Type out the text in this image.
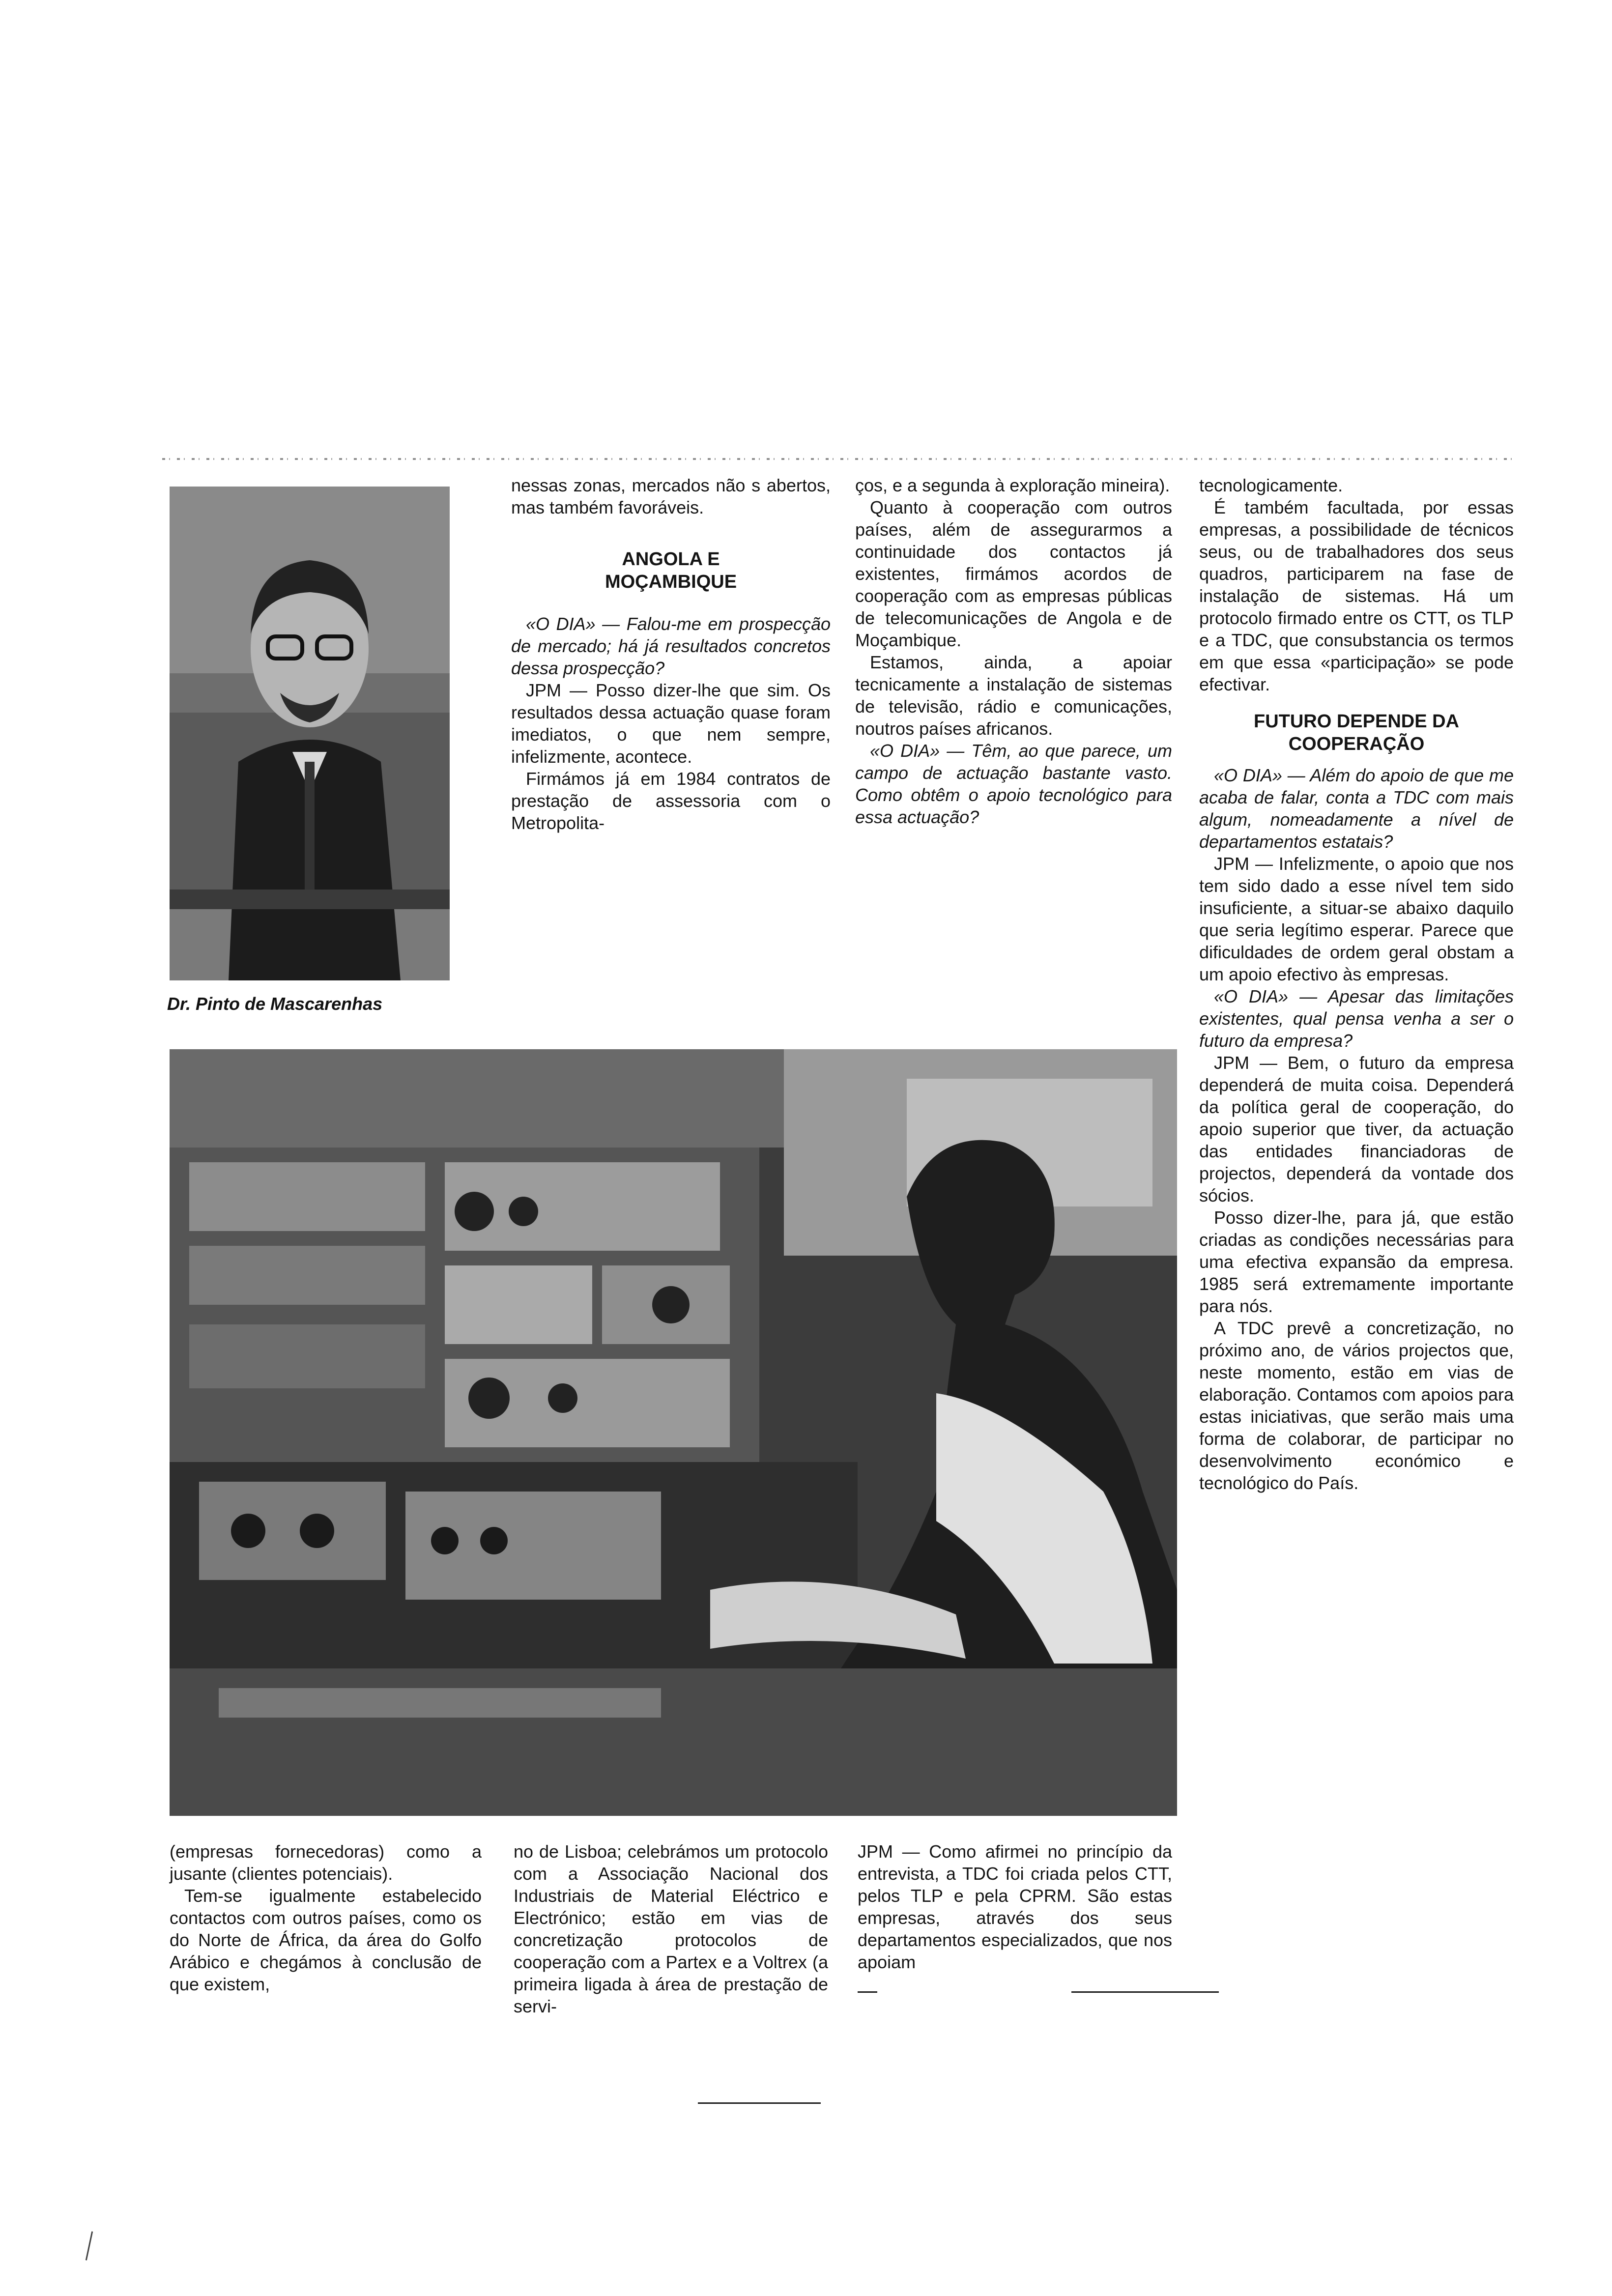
Dr. Pinto de Mascarenhas

nessas zonas, mercados não s abertos, mas também favoráveis.

ANGOLA E MOÇAMBIQUE

«O DIA» — Falou-me em prospecção de mercado; há já resultados concretos dessa prospecção?

JPM — Posso dizer-lhe que sim. Os resultados dessa actuação quase foram imediatos, o que nem sempre, infelizmente, acontece.

Firmámos já em 1984 contratos de prestação de assessoria com o Metropolita-

ços, e a segunda à exploração mineira).

Quanto à cooperação com outros países, além de assegurarmos a continuidade dos contactos já existentes, firmámos acordos de cooperação com as empresas públicas de telecomunicações de Angola e de Moçambique.

Estamos, ainda, a apoiar tecnicamente a instalação de sistemas de televisão, rádio e comunicações, noutros países africanos.

«O DIA» — Têm, ao que parece, um campo de actuação bastante vasto. Como obtêm o apoio tecnológico para essa actuação?

tecnologicamente.

É também facultada, por essas empresas, a possibilidade de técnicos seus, ou de trabalhadores dos seus quadros, participarem na fase de instalação de sistemas. Há um protocolo firmado entre os CTT, os TLP e a TDC, que consubstancia os termos em que essa «participação» se pode efectivar.

FUTURO DEPENDE DA COOPERAÇÃO

«O DIA» — Além do apoio de que me acaba de falar, conta a TDC com mais algum, nomeadamente a nível de departamentos estatais?

JPM — Infelizmente, o apoio que nos tem sido dado a esse nível tem sido insuficiente, a situar-se abaixo daquilo que seria legítimo esperar. Parece que dificuldades de ordem geral obstam a um apoio efectivo às empresas.

«O DIA» — Apesar das limitações existentes, qual pensa venha a ser o futuro da empresa?

JPM — Bem, o futuro da empresa dependerá de muita coisa. Dependerá da política geral de cooperação, do apoio superior que tiver, da actuação das entidades financiadoras de projectos, dependerá da vontade dos sócios.

Posso dizer-lhe, para já, que estão criadas as condições necessárias para uma efectiva expansão da empresa. 1985 será extremamente importante para nós.

A TDC prevê a concretização, no próximo ano, de vários projectos que, neste momento, estão em vias de elaboração. Contamos com apoios para estas iniciativas, que serão mais uma forma de colaborar, de participar no desenvolvimento económico e tecnológico do País.

(empresas fornecedoras) como a jusante (clientes potenciais).

Tem-se igualmente estabelecido contactos com outros países, como os do Norte de África, da área do Golfo Arábico e chegámos à conclusão de que existem,

no de Lisboa; celebrámos um protocolo com a Associação Nacional dos Industriais de Material Eléctrico e Electrónico; estão em vias de concretização protocolos de cooperação com a Partex e a Voltrex (a primeira ligada à área de prestação de servi-

JPM — Como afirmei no princípio da entrevista, a TDC foi criada pelos CTT, pelos TLP e pela CPRM. São estas empresas, através dos seus departamentos especializados, que nos apoiam
